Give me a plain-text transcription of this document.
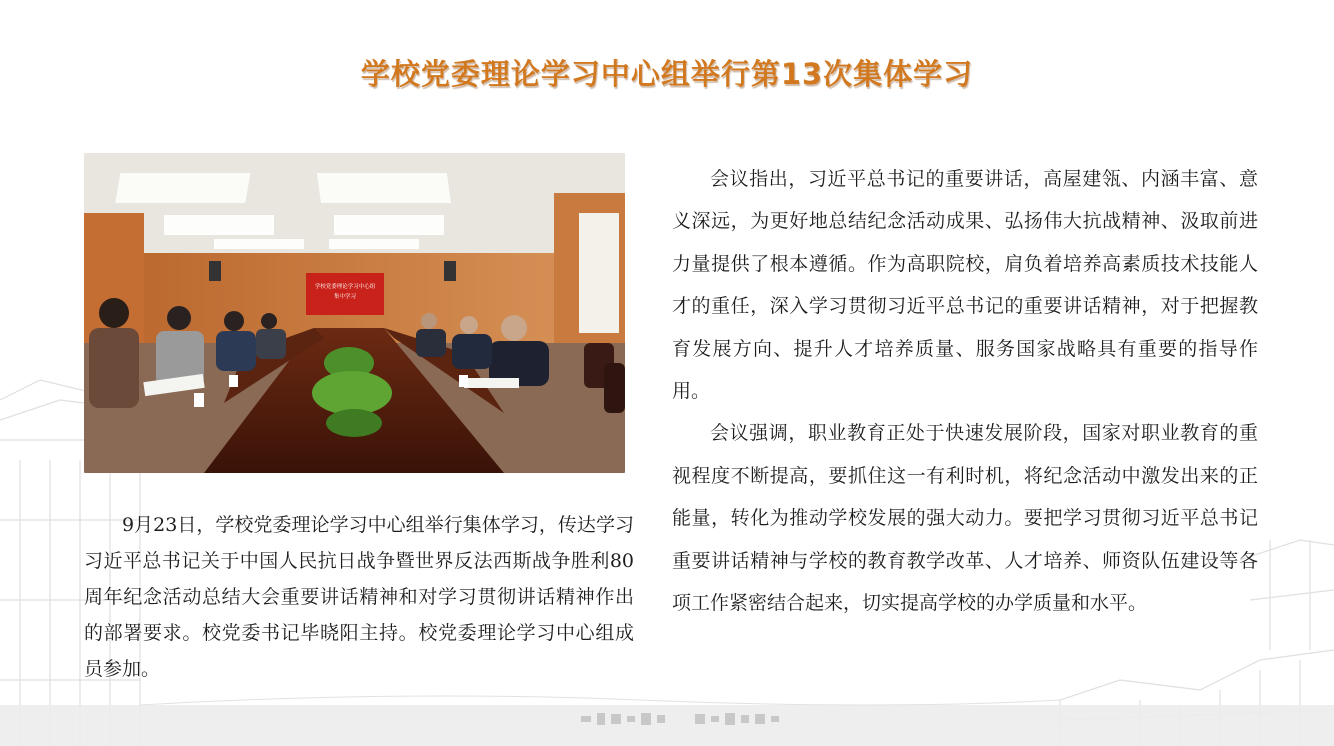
学校党委理论学习中心组举行第13次集体学习
学校党委理论学习中心组
集中学习

9月23日，学校党委理论学习中心组举行集体学习，传达学习习近平总书记关于中国人民抗日战争暨世界反法西斯战争胜利80周年纪念活动总结大会重要讲话精神和对学习贯彻讲话精神作出的部署要求。校党委书记毕晓阳主持。校党委理论学习中心组成员参加。

会议指出，习近平总书记的重要讲话，高屋建瓴、内涵丰富、意义深远，为更好地总结纪念活动成果、弘扬伟大抗战精神、汲取前进力量提供了根本遵循。作为高职院校，肩负着培养高素质技术技能人才的重任，深入学习贯彻习近平总书记的重要讲话精神，对于把握教育发展方向、提升人才培养质量、服务国家战略具有重要的指导作用。

会议强调，职业教育正处于快速发展阶段，国家对职业教育的重视程度不断提高，要抓住这一有利时机，将纪念活动中激发出来的正能量，转化为推动学校发展的强大动力。要把学习贯彻习近平总书记重要讲话精神与学校的教育教学改革、人才培养、师资队伍建设等各项工作紧密结合起来，切实提高学校的办学质量和水平。
